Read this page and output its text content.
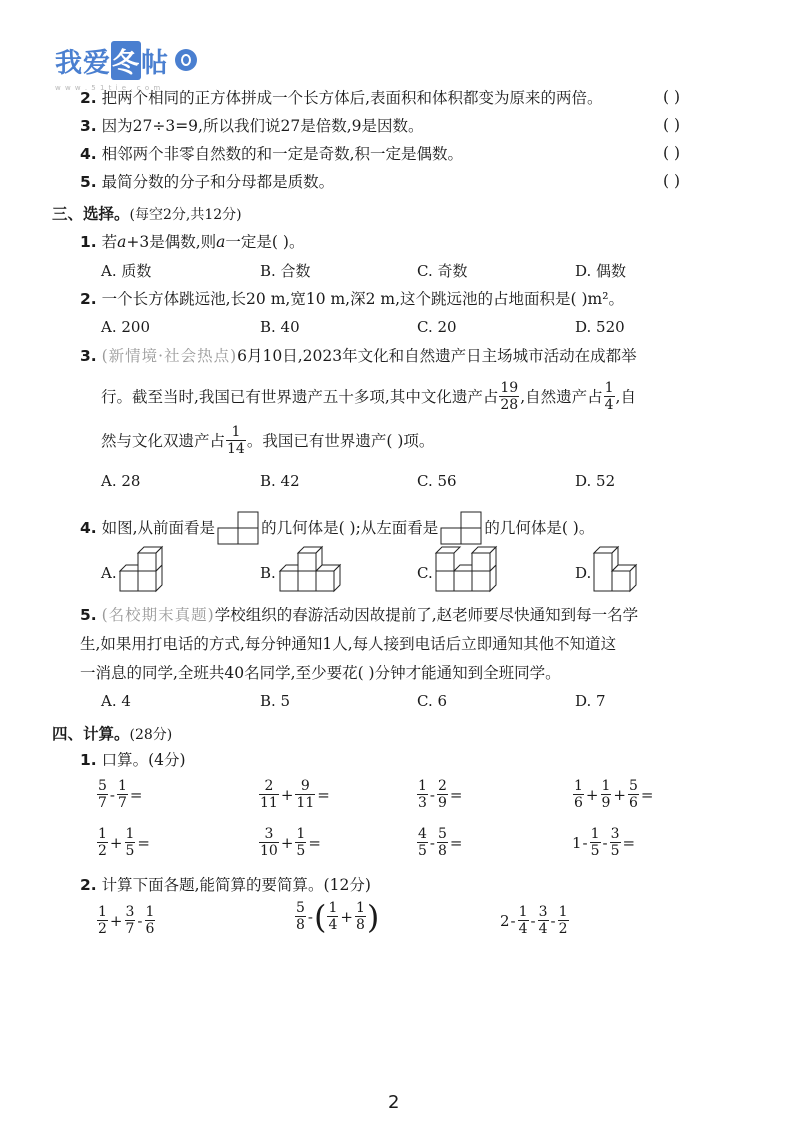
我爱 冬 帖
w w w . 5 1 t i e . c o m
2. 把两个相同的正方体拼成一个长方体后,表面积和体积都变为原来的两倍。	( )
3. 因为27÷3=9,所以我们说27是倍数,9是因数。	( )
4. 相邻两个非零自然数的和一定是奇数,积一定是偶数。	( )
5. 最简分数的分子和分母都是质数。	( )
三、选择。(每空2分,共12分)
1. 若a+3是偶数,则a一定是( )。
A. 质数	B. 合数	C. 奇数	D. 偶数
2. 一个长方体跳远池,长20 m,宽10 m,深2 m,这个跳远池的占地面积是( )m²。
A. 200	B. 40	C. 20	D. 520
3. (新情境·社会热点)6月10日,2023年文化和自然遗产日主场城市活动在成都举
行。截至当时,我国已有世界遗产五十多项,其中文化遗产占 $\frac{19}{28}$ ,自然遗产占 $\frac{1}{4}$ ,自
然与文化双遗产占 $\frac{1}{14}$ 。我国已有世界遗产( )项。
A. 28	B. 42	C. 56	D. 52
4.
如图,从前面看是	的几何体是( );从左面看是	的几何体是( )。
A.	B.	C.	D.
5. (名校期末真题)学校组织的春游活动因故提前了,赵老师要尽快通知到每一名学
生,如果用打电话的方式,每分钟通知1人,每人接到电话后立即通知其他不知道这
一消息的同学,全班共40名同学,至少要花( )分钟才能通知到全班同学。
A. 4	B. 5	C. 6	D. 7
四、计算。(28分)
1. 口算。(4分)
$\frac{5}{7} - \frac{1}{7}$ =	$\frac{2}{11} + \frac{9}{11}$ =	$\frac{1}{3} - \frac{2}{9}$ =	$\frac{1}{6} + \frac{1}{9} + \frac{5}{6}$ =
$\frac{1}{2} + \frac{1}{5}$ =	$\frac{3}{10} + \frac{1}{5}$ =	$\frac{4}{5} - \frac{5}{8}$ =	$1 - \frac{1}{5} - \frac{3}{5}$ =
2. 计算下面各题,能简算的要简算。(12分)
$\frac{1}{2} + \frac{3}{7} - \frac{1}{6}$	$\frac{5}{8}$ - ( $\frac{1}{4} + \frac{1}{8}$ )	$2 - \frac{1}{4} - \frac{3}{4} - \frac{1}{2}$
2
